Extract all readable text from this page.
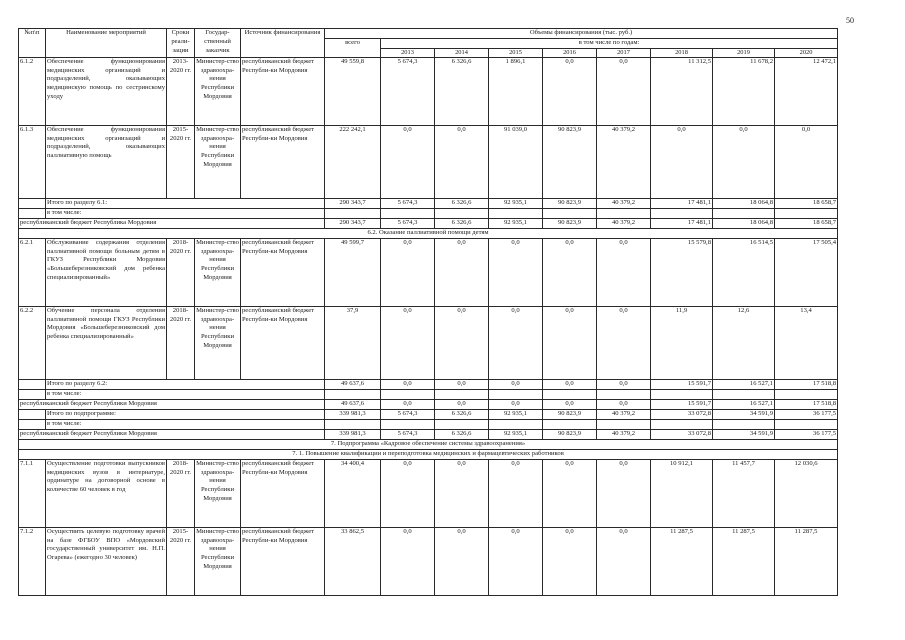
50
№п\п	Наименование мероприятий	Сроки реали-зации	Государ-ственный заказчик	Источник финансирования	Объемы финансирования (тыс. руб.)								
					всего	в том числе по годам:							
						2013	2014	2015	2016	2017	2018	2019	2020
6.1.2	Обеспечение функционирования медицинских организаций и подразделений, оказывающих медицинскую помощь по сестринскому уходу	2013-2020 гг.	Министер-ство здравоохра-нения Республики Мордовия	республиканский бюджет Республи-ки Мордовия	49 559,8	5 674,3	6 326,6	1 896,1	0,0	0,0	11 312,5	11 678,2	12 472,1
6.1.3	Обеспечение функционирования медицинских организаций и подразделений, оказывающих паллиативную помощь	2015-2020 гг.	Министер-ство здравоохра-нения Республики Мордовия	республиканский бюджет Республи-ки Мордовия	222 242,1	0,0	0,0	91 039,0	90 823,9	40 379,2	0,0	0,0	0,0
	Итого по разделу 6.1:				290 343,7	5 674,3	6 326,6	92 935,1	90 823,9	40 379,2	17 481,1	18 064,8	18 658,7
	в том числе:												
республиканский бюджет Республика Мордовия					290 343,7	5 674,3	6 326,6	92 935,1	90 823,9	40 379,2	17 481,1	18 064,8	18 658,7
6.2. Оказание паллиативной помощи детям													
6.2.1	Обслуживание содержания отделения паллиативной помощи больным детям в ГКУЗ Республики Мордовия «Большеберезниковский дом ребенка специализированный»	2018-2020 гг.	Министер-ство здравоохра-нения Республики Мордовия	республиканский бюджет Республи-ки Мордовия	49 599,7	0,0	0,0	0,0	0,0	0,0	15 579,8	16 514,5	17 505,4
6.2.2	Обучение персонала отделения паллиативной помощи ГКУЗ Республики Мордовия «Большеберезниковский дом ребенка специализированный»	2018-2020 гг.	Министер-ство здравоохра-нения Республики Мордовия	республиканский бюджет Республи-ки Мордовия	37,9	0,0	0,0	0,0	0,0	0,0	11,9	12,6	13,4
	Итого по разделу 6.2:				49 637,6	0,0	0,0	0,0	0,0	0,0	15 591,7	16 527,1	17 518,8
	в том числе:												
республиканский бюджет Республики Мордовия					49 637,6	0,0	0,0	0,0	0,0	0,0	15 591,7	16 527,1	17 518,8
	Итого по подпрограмме:				339 981,3	5 674,3	6 326,6	92 935,1	90 823,9	40 379,2	33 072,8	34 591,9	36 177,5
	в том числе:												
республиканский бюджет Республики Мордовия					339 981,3	5 674,3	6 326,6	92 935,1	90 823,9	40 379,2	33 072,8	34 591,9	36 177,5
7. Подпрограмма «Кадровое обеспечение системы здравоохранения»													
7. 1. Повышение квалификации и переподготовка медицинских и фармацевтических работников													
7.1.1	Осуществление подготовки выпускников медицинских вузов в интернатуре, ординатуре на договорной основе в количестве 60 человек в год	2018-2020 гг.	Министер-ство здравоохра-нения Республики Мордовия	республиканский бюджет Республи-ки Мордовия	34 400,4	0,0	0,0	0,0	0,0	0,0	10 912,1	11 457,7	12 030,6
7.1.2	Осуществить целевую подготовку врачей на базе ФГБОУ ВПО «Мордовский государственный университет им. Н.П. Огарева» (ежегодно 30 человек)	2015-2020 гг.	Министер-ство здравоохра-нения Республики Мордовия	республиканский бюджет Республи-ки Мордовия	33 862,5	0,0	0,0	0,0	0,0	0,0	11 287,5	11 287,5	11 287,5
